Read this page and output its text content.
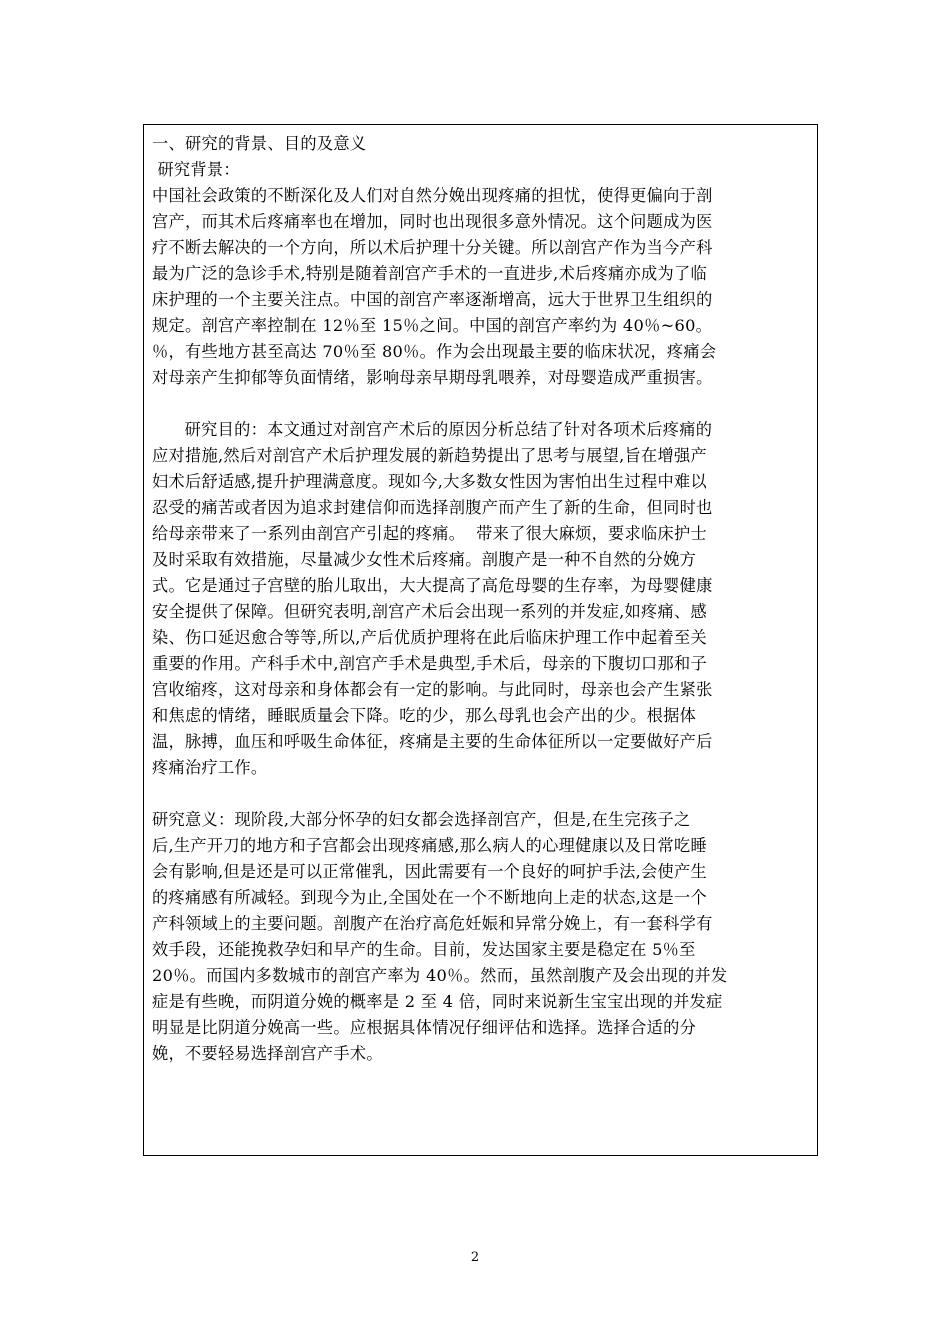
一、研究的背景、目的及意义
研究背景：
中国社会政策的不断深化及人们对自然分娩出现疼痛的担忧，使得更偏向于剖
宫产，而其术后疼痛率也在增加，同时也出现很多意外情况。这个问题成为医
疗不断去解决的一个方向，所以术后护理十分关键。所以剖宫产作为当今产科
最为广泛的急诊手术,特别是随着剖宫产手术的一直进步,术后疼痛亦成为了临
床护理的一个主要关注点。中国的剖宫产率逐渐增高，远大于世界卫生组织的
规定。剖宫产率控制在 12％至 15％之间。中国的剖宫产率约为 40％~60。
％，有些地方甚至高达 70％至 80％。作为会出现最主要的临床状况，疼痛会
对母亲产生抑郁等负面情绪，影响母亲早期母乳喂养，对母婴造成严重损害。
研究目的：本文通过对剖宫产术后的原因分析总结了针对各项术后疼痛的
应对措施,然后对剖宫产术后护理发展的新趋势提出了思考与展望,旨在增强产
妇术后舒适感,提升护理满意度。现如今,大多数女性因为害怕出生过程中难以
忍受的痛苦或者因为追求封建信仰而选择剖腹产而产生了新的生命，但同时也
给母亲带来了一系列由剖宫产引起的疼痛。  带来了很大麻烦，要求临床护士
及时采取有效措施，尽量减少女性术后疼痛。剖腹产是一种不自然的分娩方
式。它是通过子宫壁的胎儿取出，大大提高了高危母婴的生存率，为母婴健康
安全提供了保障。但研究表明,剖宫产术后会出现一系列的并发症,如疼痛、感
染、伤口延迟愈合等等,所以,产后优质护理将在此后临床护理工作中起着至关
重要的作用。产科手术中,剖宫产手术是典型,手术后，母亲的下腹切口那和子
宫收缩疼，这对母亲和身体都会有一定的影响。与此同时，母亲也会产生紧张
和焦虑的情绪，睡眠质量会下降。吃的少，那么母乳也会产出的少。根据体
温，脉搏，血压和呼吸生命体征，疼痛是主要的生命体征所以一定要做好产后
疼痛治疗工作。
研究意义：现阶段,大部分怀孕的妇女都会选择剖宫产，但是,在生完孩子之
后,生产开刀的地方和子宫都会出现疼痛感,那么病人的心理健康以及日常吃睡
会有影响,但是还是可以正常催乳，因此需要有一个良好的呵护手法,会使产生
的疼痛感有所减轻。到现今为止,全国处在一个不断地向上走的状态,这是一个
产科领域上的主要问题。剖腹产在治疗高危妊娠和异常分娩上，有一套科学有
效手段，还能挽救孕妇和早产的生命。目前，发达国家主要是稳定在 5％至
20％。而国内多数城市的剖宫产率为 40％。然而，虽然剖腹产及会出现的并发
症是有些晚，而阴道分娩的概率是 2 至 4 倍，同时来说新生宝宝出现的并发症
明显是比阴道分娩高一些。应根据具体情况仔细评估和选择。选择合适的分
娩，不要轻易选择剖宫产手术。
2
